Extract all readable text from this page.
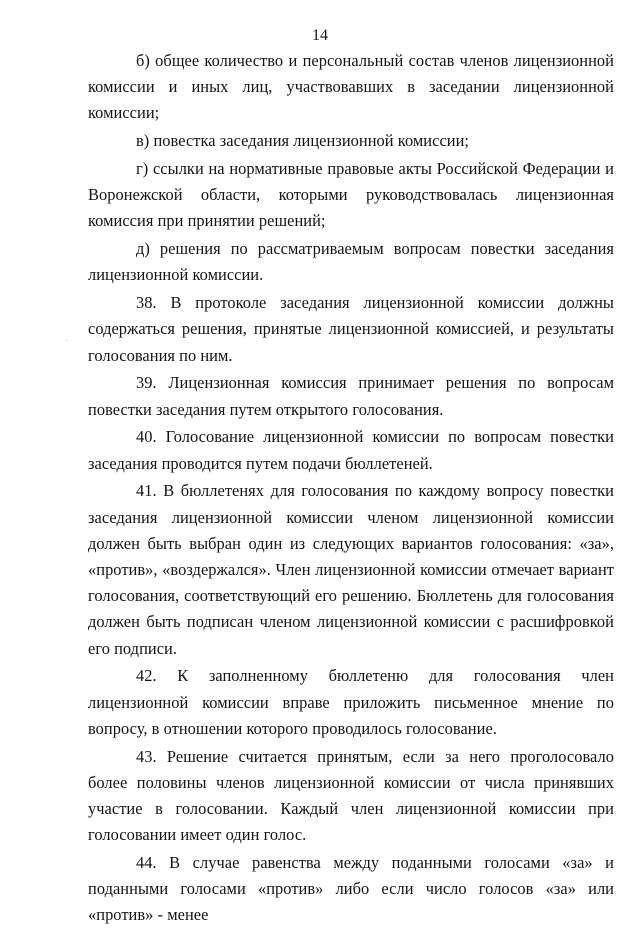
14

б) общее количество и персональный состав членов лицензионной комиссии и иных лиц, участвовавших в заседании лицензионной комиссии;

в) повестка заседания лицензионной комиссии;

г) ссылки на нормативные правовые акты Российской Федерации и Воронежской области, которыми руководствовалась лицензионная комиссия при принятии решений;

д) решения по рассматриваемым вопросам повестки заседания лицензионной комиссии.

38. В протоколе заседания лицензионной комиссии должны содержаться решения, принятые лицензионной комиссией, и результаты голосования по ним.

39. Лицензионная комиссия принимает решения по вопросам повестки заседания путем открытого голосования.

40. Голосование лицензионной комиссии по вопросам повестки заседания проводится путем подачи бюллетеней.

41. В бюллетенях для голосования по каждому вопросу повестки заседания лицензионной комиссии членом лицензионной комиссии должен быть выбран один из следующих вариантов голосования: «за», «против», «воздержался». Член лицензионной комиссии отмечает вариант голосования, соответствующий его решению. Бюллетень для голосования должен быть подписан членом лицензионной комиссии с расшифровкой его подписи.

42. К заполненному бюллетеню для голосования член лицензионной комиссии вправе приложить письменное мнение по вопросу, в отношении которого проводилось голосование.

43. Решение считается принятым, если за него проголосовало более половины членов лицензионной комиссии от числа принявших участие в голосовании. Каждый член лицензионной комиссии при голосовании имеет один голос.

44. В случае равенства между поданными голосами «за» и поданными голосами «против» либо если число голосов «за» или «против» - менее
